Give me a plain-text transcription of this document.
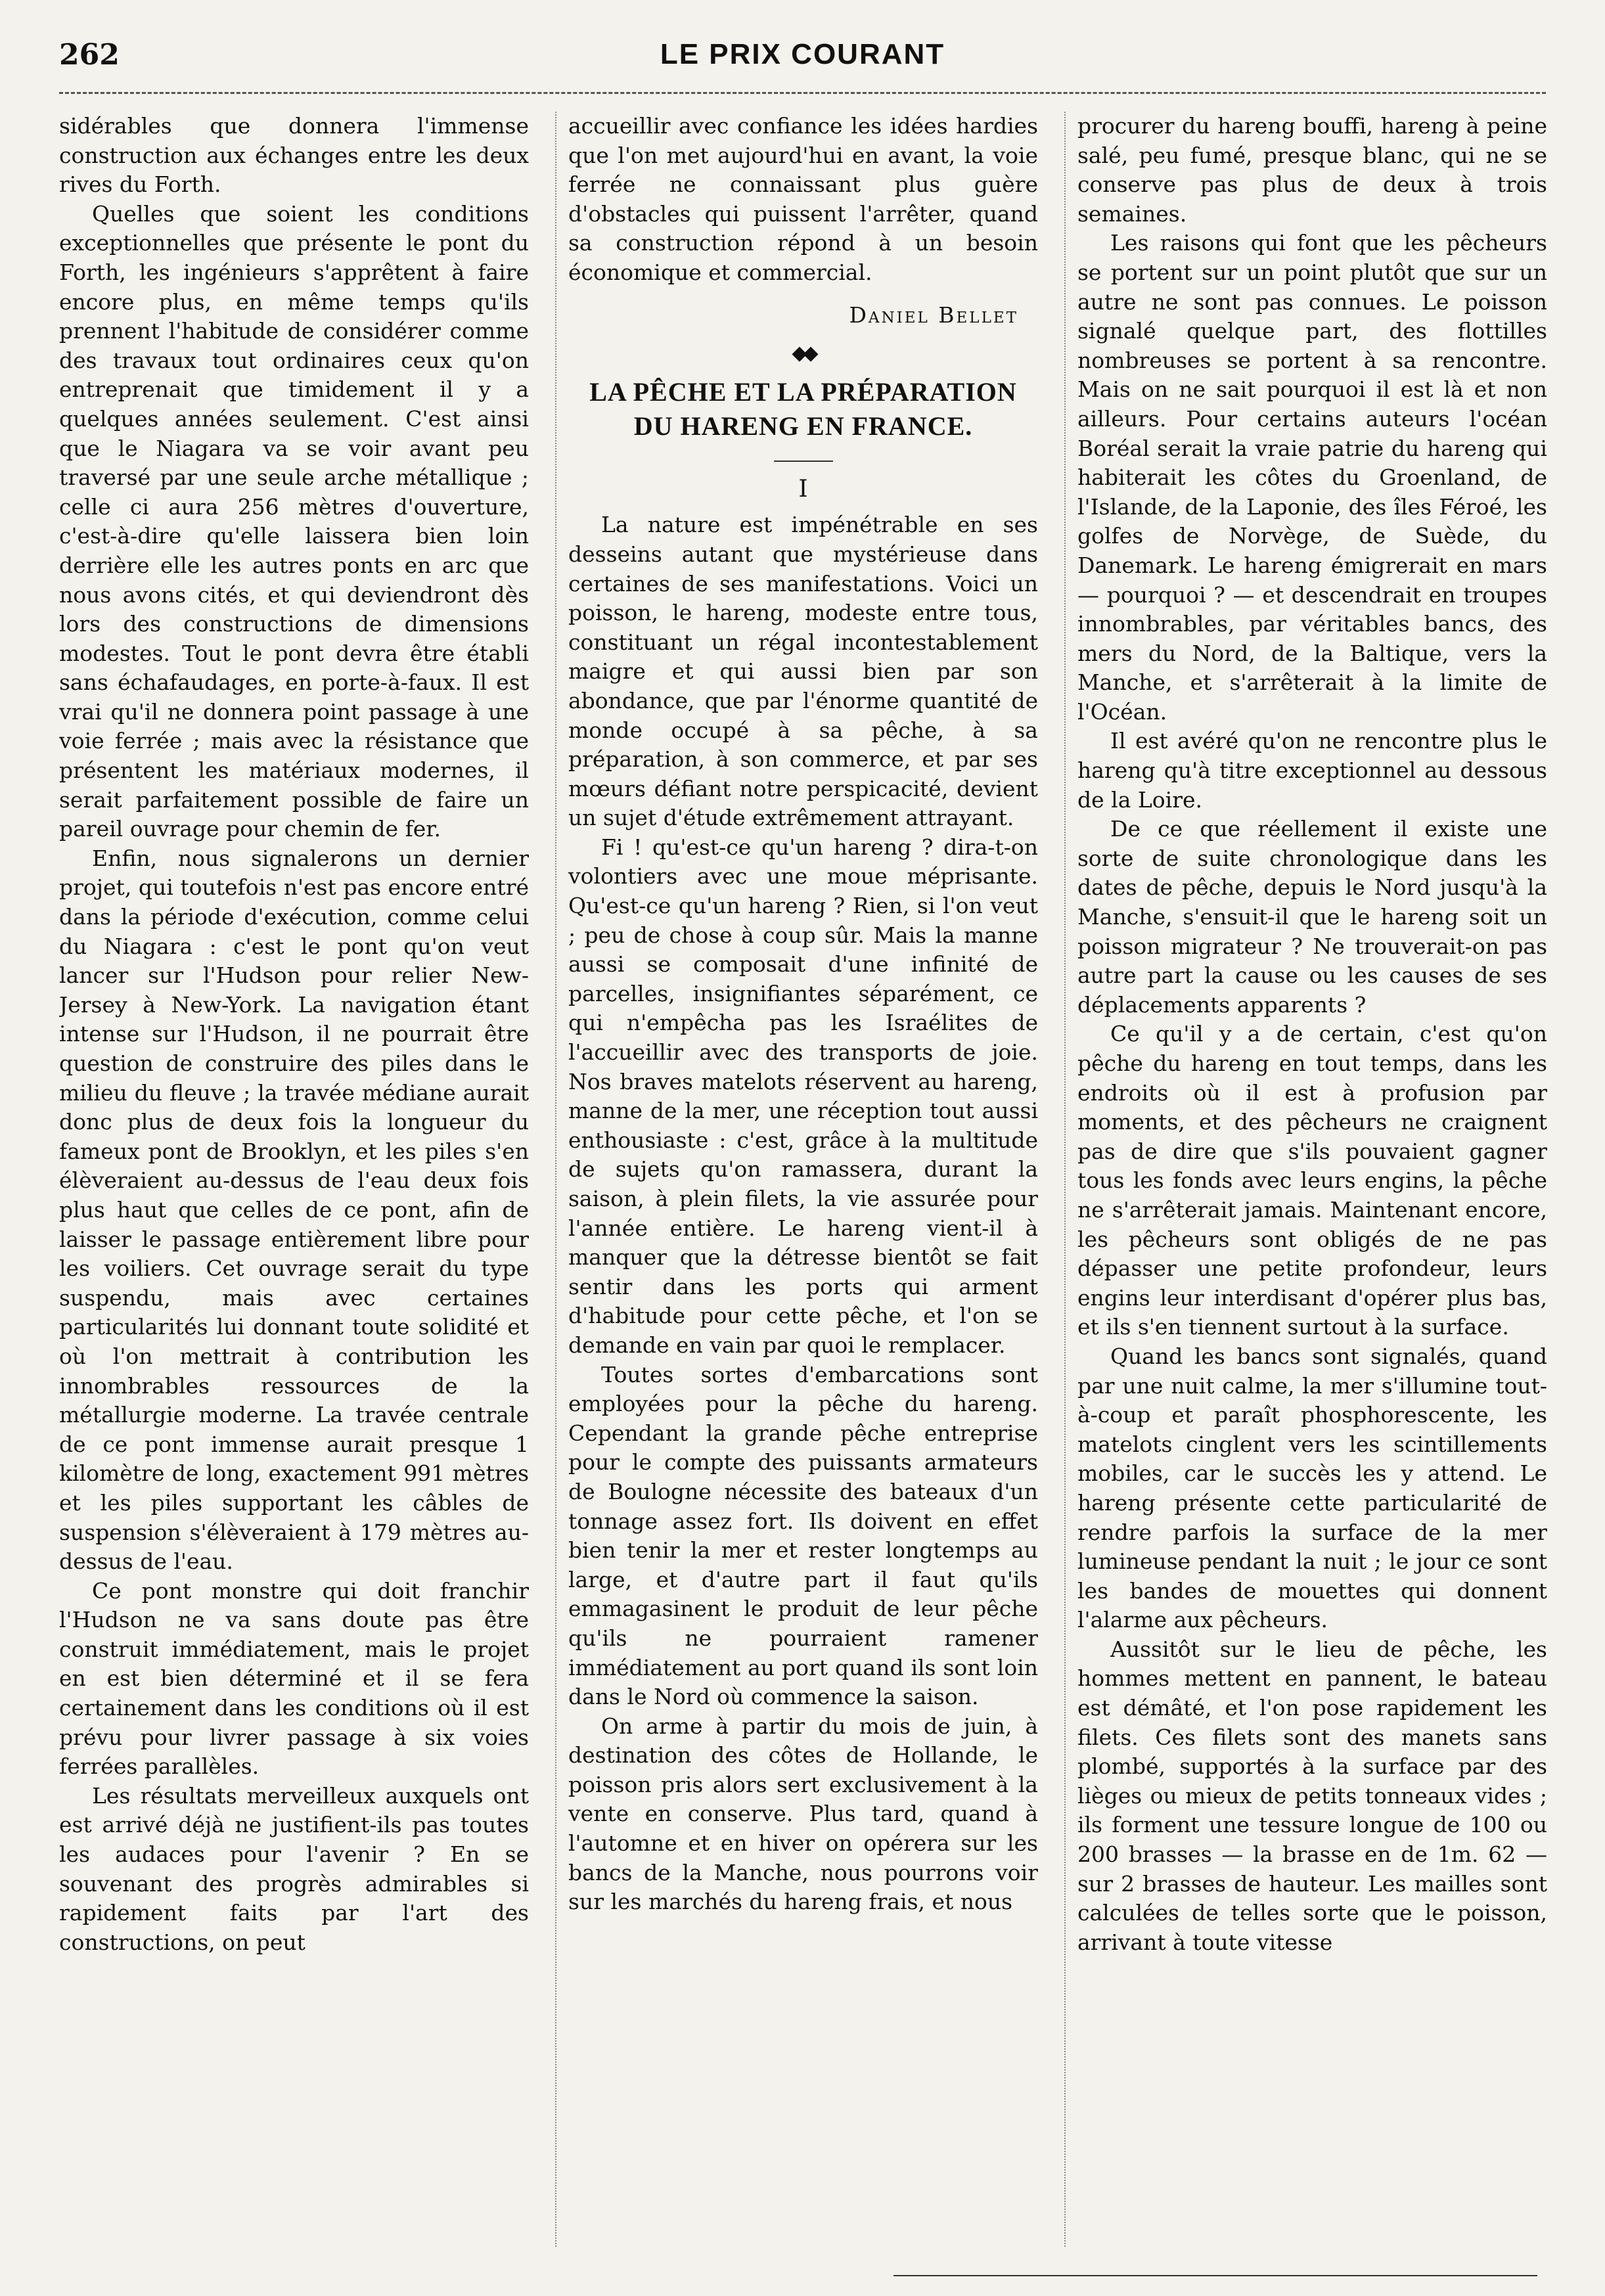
262	LE PRIX COURANT

sidérables que donnera l'immense construction aux échanges entre les deux rives du Forth.

Quelles que soient les conditions exceptionnelles que présente le pont du Forth, les ingénieurs s'apprêtent à faire encore plus, en même temps qu'ils prennent l'habitude de considérer comme des travaux tout ordinaires ceux qu'on entreprenait que timidement il y a quelques années seulement. C'est ainsi que le Niagara va se voir avant peu traversé par une seule arche métallique ; celle ci aura 256 mètres d'ouverture, c'est-à-dire qu'elle laissera bien loin derrière elle les autres ponts en arc que nous avons cités, et qui deviendront dès lors des constructions de dimensions modestes. Tout le pont devra être établi sans échafaudages, en porte-à-faux. Il est vrai qu'il ne donnera point passage à une voie ferrée ; mais avec la résistance que présentent les matériaux modernes, il serait parfaitement possible de faire un pareil ouvrage pour chemin de fer.

Enfin, nous signalerons un dernier projet, qui toutefois n'est pas encore entré dans la période d'exécution, comme celui du Niagara : c'est le pont qu'on veut lancer sur l'Hudson pour relier New-Jersey à New-York. La navigation étant intense sur l'Hudson, il ne pourrait être question de construire des piles dans le milieu du fleuve ; la travée médiane aurait donc plus de deux fois la longueur du fameux pont de Brooklyn, et les piles s'en élèveraient au-dessus de l'eau deux fois plus haut que celles de ce pont, afin de laisser le passage entièrement libre pour les voiliers. Cet ouvrage serait du type suspendu, mais avec certaines particularités lui donnant toute solidité et où l'on mettrait à contribution les innombrables ressources de la métallurgie moderne. La travée centrale de ce pont immense aurait presque 1 kilomètre de long, exactement 991 mètres et les piles supportant les câbles de suspension s'élèveraient à 179 mètres au-dessus de l'eau.

Ce pont monstre qui doit franchir l'Hudson ne va sans doute pas être construit immédiatement, mais le projet en est bien déterminé et il se fera certainement dans les conditions où il est prévu pour livrer passage à six voies ferrées parallèles.

Les résultats merveilleux auxquels ont est arrivé déjà ne justifient-ils pas toutes les audaces pour l'avenir ? En se souvenant des progrès admirables si rapidement faits par l'art des constructions, on peut

accueillir avec confiance les idées hardies que l'on met aujourd'hui en avant, la voie ferrée ne connaissant plus guère d'obstacles qui puissent l'arrêter, quand sa construction répond à un besoin économique et commercial.

Daniel Bellet

◆◆
LA PÊCHE ET LA PRÉPARATION
DU HARENG EN FRANCE.
I

La nature est impénétrable en ses desseins autant que mystérieuse dans certaines de ses manifestations. Voici un poisson, le hareng, modeste entre tous, constituant un régal incontestablement maigre et qui aussi bien par son abondance, que par l'énorme quantité de monde occupé à sa pêche, à sa préparation, à son commerce, et par ses mœurs défiant notre perspicacité, devient un sujet d'étude extrêmement attrayant.

Fi ! qu'est-ce qu'un hareng ? dira-t-on volontiers avec une moue méprisante. Qu'est-ce qu'un hareng ? Rien, si l'on veut ; peu de chose à coup sûr. Mais la manne aussi se composait d'une infinité de parcelles, insignifiantes séparément, ce qui n'empêcha pas les Israélites de l'accueillir avec des transports de joie. Nos braves matelots réservent au hareng, manne de la mer, une réception tout aussi enthousiaste : c'est, grâce à la multitude de sujets qu'on ramassera, durant la saison, à plein filets, la vie assurée pour l'année entière. Le hareng vient-il à manquer que la détresse bientôt se fait sentir dans les ports qui arment d'habitude pour cette pêche, et l'on se demande en vain par quoi le remplacer.

Toutes sortes d'embarcations sont employées pour la pêche du hareng. Cependant la grande pêche entreprise pour le compte des puissants armateurs de Boulogne nécessite des bateaux d'un tonnage assez fort. Ils doivent en effet bien tenir la mer et rester longtemps au large, et d'autre part il faut qu'ils emmagasinent le produit de leur pêche qu'ils ne pourraient ramener immédiatement au port quand ils sont loin dans le Nord où commence la saison.

On arme à partir du mois de juin, à destination des côtes de Hollande, le poisson pris alors sert exclusivement à la vente en conserve. Plus tard, quand à l'automne et en hiver on opérera sur les bancs de la Manche, nous pourrons voir sur les marchés du hareng frais, et nous

procurer du hareng bouffi, hareng à peine salé, peu fumé, presque blanc, qui ne se conserve pas plus de deux à trois semaines.

Les raisons qui font que les pêcheurs se portent sur un point plutôt que sur un autre ne sont pas connues. Le poisson signalé quelque part, des flottilles nombreuses se portent à sa rencontre. Mais on ne sait pourquoi il est là et non ailleurs. Pour certains auteurs l'océan Boréal serait la vraie patrie du hareng qui habiterait les côtes du Groenland, de l'Islande, de la Laponie, des îles Féroé, les golfes de Norvège, de Suède, du Danemark. Le hareng émigrerait en mars — pourquoi ? — et descendrait en troupes innombrables, par véritables bancs, des mers du Nord, de la Baltique, vers la Manche, et s'arrêterait à la limite de l'Océan.

Il est avéré qu'on ne rencontre plus le hareng qu'à titre exceptionnel au dessous de la Loire.

De ce que réellement il existe une sorte de suite chronologique dans les dates de pêche, depuis le Nord jusqu'à la Manche, s'ensuit-il que le hareng soit un poisson migrateur ? Ne trouverait-on pas autre part la cause ou les causes de ses déplacements apparents ?

Ce qu'il y a de certain, c'est qu'on pêche du hareng en tout temps, dans les endroits où il est à profusion par moments, et des pêcheurs ne craignent pas de dire que s'ils pouvaient gagner tous les fonds avec leurs engins, la pêche ne s'arrêterait jamais. Maintenant encore, les pêcheurs sont obligés de ne pas dépasser une petite profondeur, leurs engins leur interdisant d'opérer plus bas, et ils s'en tiennent surtout à la surface.

Quand les bancs sont signalés, quand par une nuit calme, la mer s'illumine tout-à-coup et paraît phosphorescente, les matelots cinglent vers les scintillements mobiles, car le succès les y attend. Le hareng présente cette particularité de rendre parfois la surface de la mer lumineuse pendant la nuit ; le jour ce sont les bandes de mouettes qui donnent l'alarme aux pêcheurs.

Aussitôt sur le lieu de pêche, les hommes mettent en pannent, le bateau est démâté, et l'on pose rapidement les filets. Ces filets sont des manets sans plombé, supportés à la surface par des lièges ou mieux de petits tonneaux vides ; ils forment une tessure longue de 100 ou 200 brasses — la brasse en de 1m. 62 — sur 2 brasses de hauteur. Les mailles sont calculées de telles sorte que le poisson, arrivant à toute vitesse
